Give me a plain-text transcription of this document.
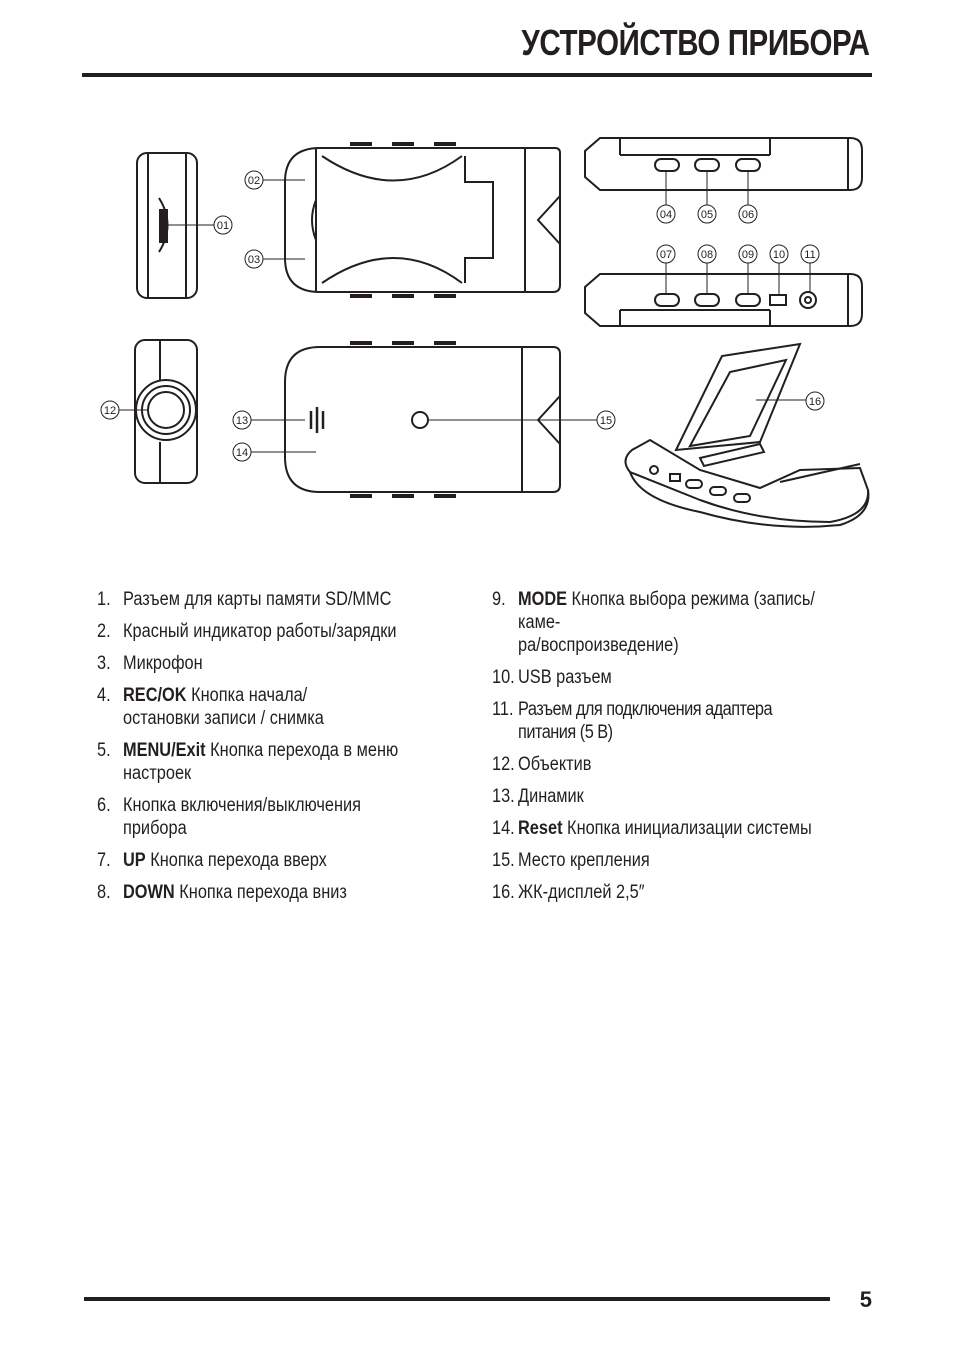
УСТРОЙСТВО ПРИБОРА
01
02
03
04	05	06
07	08	09 10 11
12
13
14
15
16
1. Разъем для карты памяти SD/MMC
2. Красный индикатор работы/зарядки
3. Микрофон
4. REC/OK Кнопка начала/
остановки записи / снимка
5. MENU/Exit Кнопка перехода в меню настроек
6. Кнопка включения/выключения прибора
7. UP Кнопка перехода вверх
8. DOWN Кнопка перехода вниз
9. MODE Кнопка выбора режима (запись/каме-
ра/воспроизведение)
10. USB разъем
11. Разъем для подключения адаптера питания (5 В)
12. Объектив
13. Динамик
14. Reset Кнопка инициализации системы
15. Место крепления
16. ЖК-дисплей 2,5″
5
